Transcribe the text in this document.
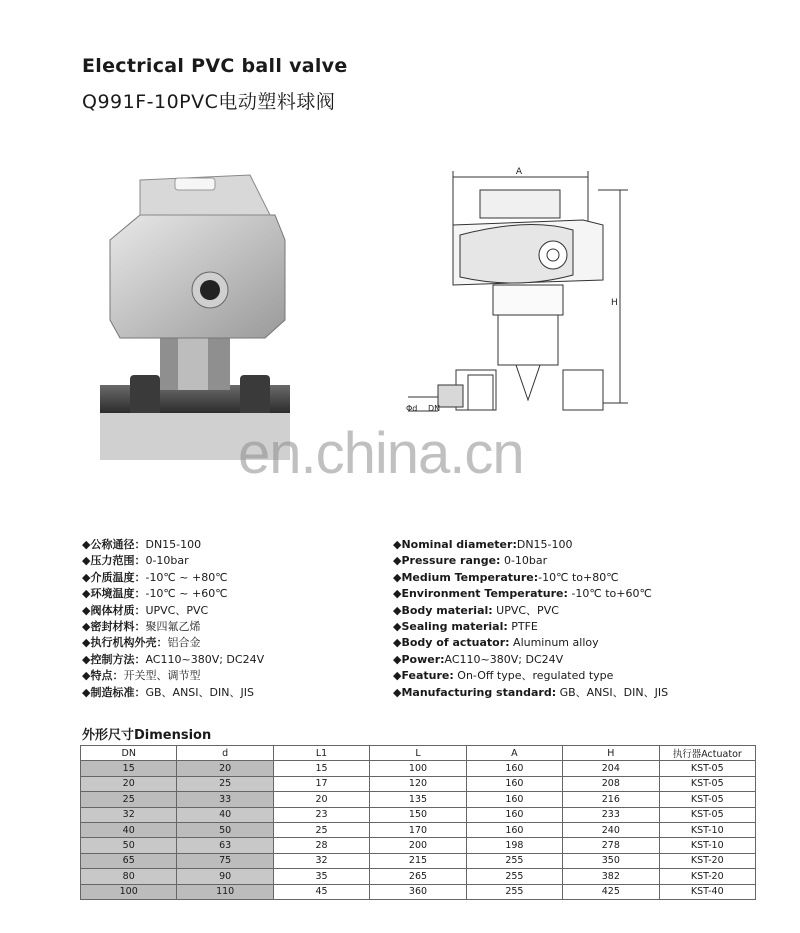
Electrical PVC ball valve
Q991F-10PVC电动塑料球阀
A
H
Φd DN
en.china.cn
◆公称通径：DN15-100
◆压力范围：0-10bar
◆介质温度：-10℃ ~ +80℃
◆环境温度：-10℃ ~ +60℃
◆阀体材质：UPVC、PVC
◆密封材料：聚四氟乙烯
◆执行机构外壳：铝合金
◆控制方法：AC110~380V; DC24V
◆特点：开关型、调节型
◆制造标准：GB、ANSI、DIN、JIS
◆Nominal diameter:DN15-100
◆Pressure range: 0-10bar
◆Medium Temperature:-10℃ to+80℃
◆Environment Temperature: -10℃ to+60℃
◆Body material: UPVC、PVC
◆Sealing material: PTFE
◆Body of actuator: Aluminum alloy
◆Power:AC110~380V; DC24V
◆Feature: On-Off type、regulated type
◆Manufacturing standard: GB、ANSI、DIN、JIS
外形尺寸Dimension
DN	d	L1	L	A	H	执行器Actuator
15	20	15	100	160	204	KST-05
20	25	17	120	160	208	KST-05
25	33	20	135	160	216	KST-05
32	40	23	150	160	233	KST-05
40	50	25	170	160	240	KST-10
50	63	28	200	198	278	KST-10
65	75	32	215	255	350	KST-20
80	90	35	265	255	382	KST-20
100	110	45	360	255	425	KST-40
